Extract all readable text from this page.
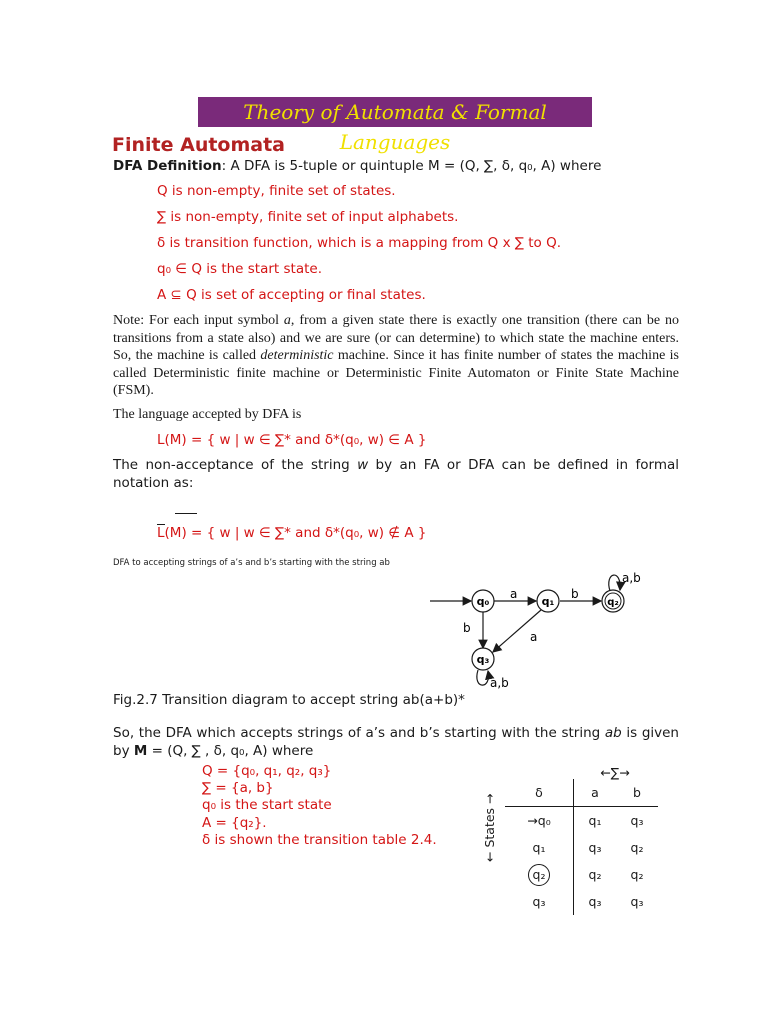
Theory of Automata & Formal Languages
Finite Automata
DFA Definition: A DFA is 5-tuple or quintuple M = (Q, ∑, δ, q₀, A) where
Q is non-empty, finite set of states.
∑ is non-empty, finite set of input alphabets.
δ is transition function, which is a mapping from Q x ∑ to Q.
q₀ ∈ Q is the start state.
A ⊆ Q is set of accepting or final states.
Note: For each input symbol a, from a given state there is exactly one transition (there can be no transitions from a state also) and we are sure (or can determine) to which state the machine enters. So, the machine is called deterministic machine. Since it has finite number of states the machine is called Deterministic finite machine or Deterministic Finite Automaton or Finite State Machine (FSM).
The language accepted by DFA is
L(M) = { w | w ∈ ∑* and δ*(q₀, w) ∈ A }
The non-acceptance of the string w by an FA or DFA can be defined in formal notation as:
L(M) = { w | w ∈ ∑* and δ*(q₀, w) ∉ A }
DFA to accepting strings of a’s and b’s starting with the string ab
q₀	q₁	q₂
q₃
a	b
b
a
a,b
a,b
Fig.2.7 Transition diagram to accept string ab(a+b)*
So, the DFA which accepts strings of a’s and b’s starting with the string ab is given by M = (Q, ∑ , δ, q₀, A) where
Q = {q₀, q₁, q₂, q₃}
∑ = {a, b}
q₀ is the start state
A = {q₂}.
δ is shown the transition table 2.4.
←∑→
← States →
δ	a	b
→q₀	q₁	q₃
q₁	q₃	q₂
q₂	q₂	q₂
q₃	q₃	q₃
